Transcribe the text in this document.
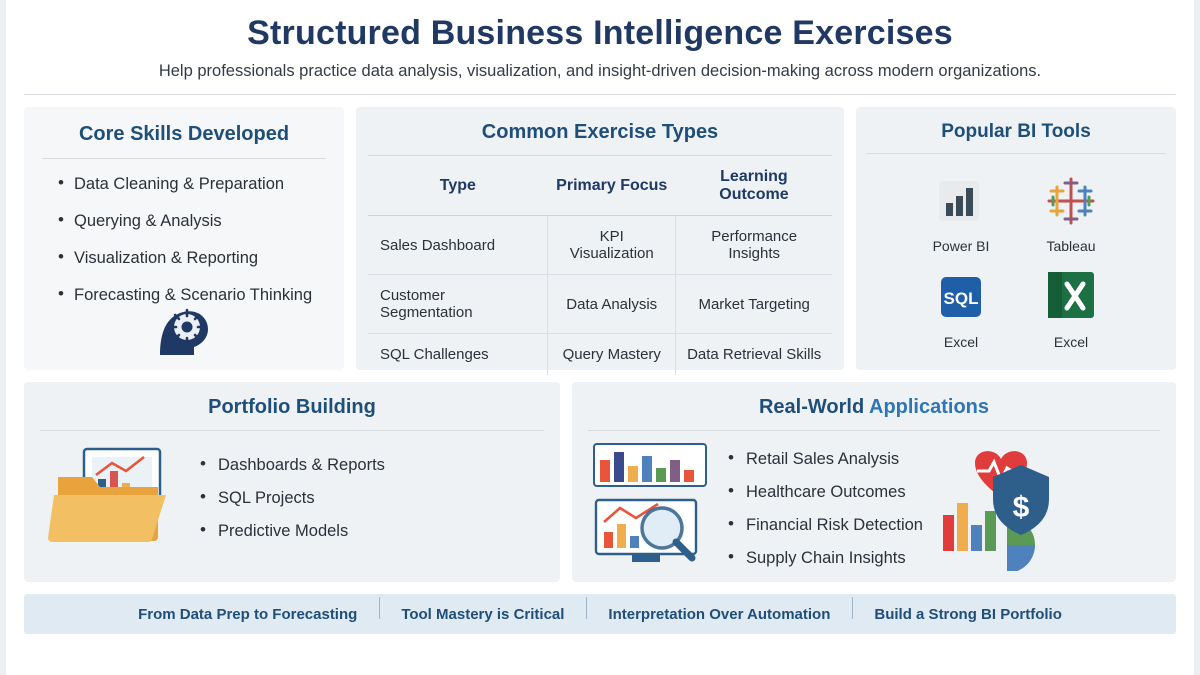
Structured Business Intelligence Exercises
Help professionals practice data analysis, visualization, and insight-driven decision-making across modern organizations.
Core Skills Developed
• Data Cleaning & Preparation
• Querying & Analysis
• Visualization & Reporting
• Forecasting & Scenario Thinking
Common Exercise Types
Type	Primary Focus	Learning Outcome
Sales Dashboard	KPI Visualization	Performance Insights
Customer Segmentation	Data Analysis	Market Targeting
SQL Challenges	Query Mastery	Data Retrieval Skills
Popular BI Tools
Power BI	Tableau
SQL
Excel	Excel
Portfolio Building
• Dashboards & Reports
• SQL Projects
• Predictive Models
Real-World Applications
• Retail Sales Analysis
• Healthcare Outcomes
• Financial Risk Detection
• Supply Chain Insights
$
From Data Prep to Forecasting	Tool Mastery is Critical	Interpretation Over Automation	Build a Strong BI Portfolio
